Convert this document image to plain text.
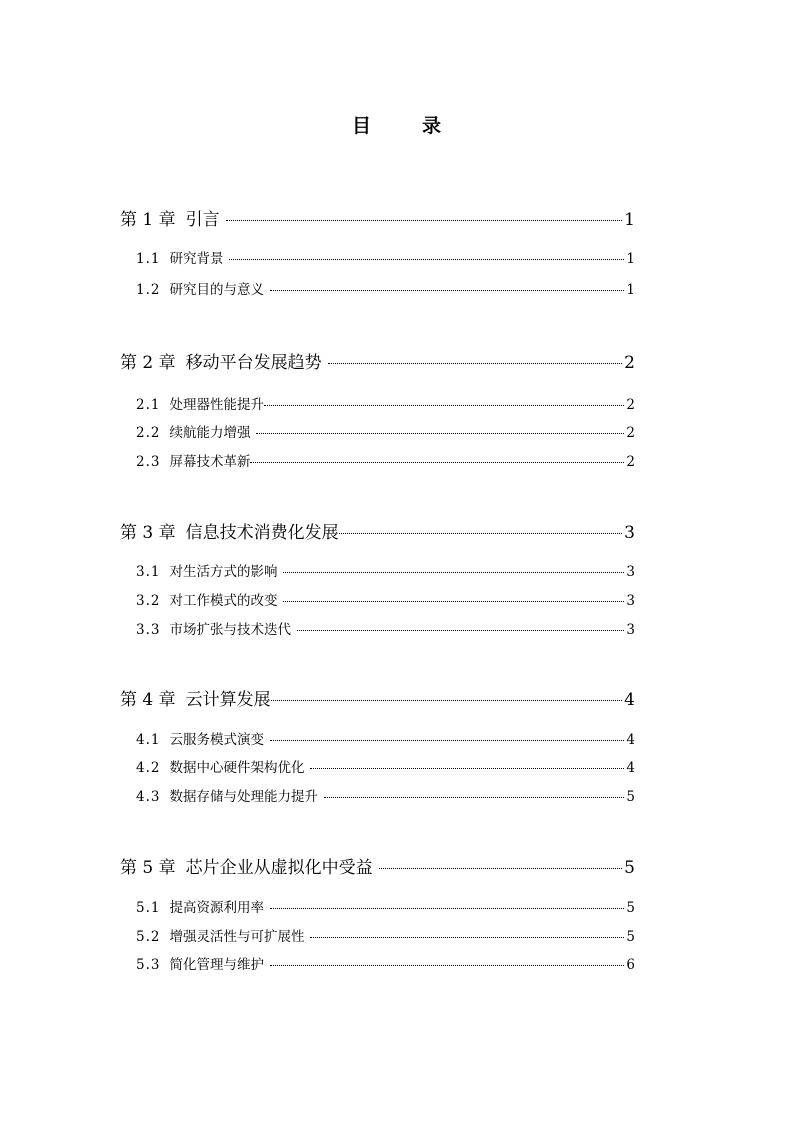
目　录
第 1 章 引言	1
1.1 研究背景	1
1.2 研究目的与意义	1
第 2 章 移动平台发展趋势	2
2.1 处理器性能提升	2
2.2 续航能力增强	2
2.3 屏幕技术革新	2
第 3 章 信息技术消费化发展	3
3.1 对生活方式的影响	3
3.2 对工作模式的改变	3
3.3 市场扩张与技术迭代	3
第 4 章 云计算发展	4
4.1 云服务模式演变	4
4.2 数据中心硬件架构优化	4
4.3 数据存储与处理能力提升	5
第 5 章 芯片企业从虚拟化中受益	5
5.1 提高资源利用率	5
5.2 增强灵活性与可扩展性	5
5.3 简化管理与维护	6
